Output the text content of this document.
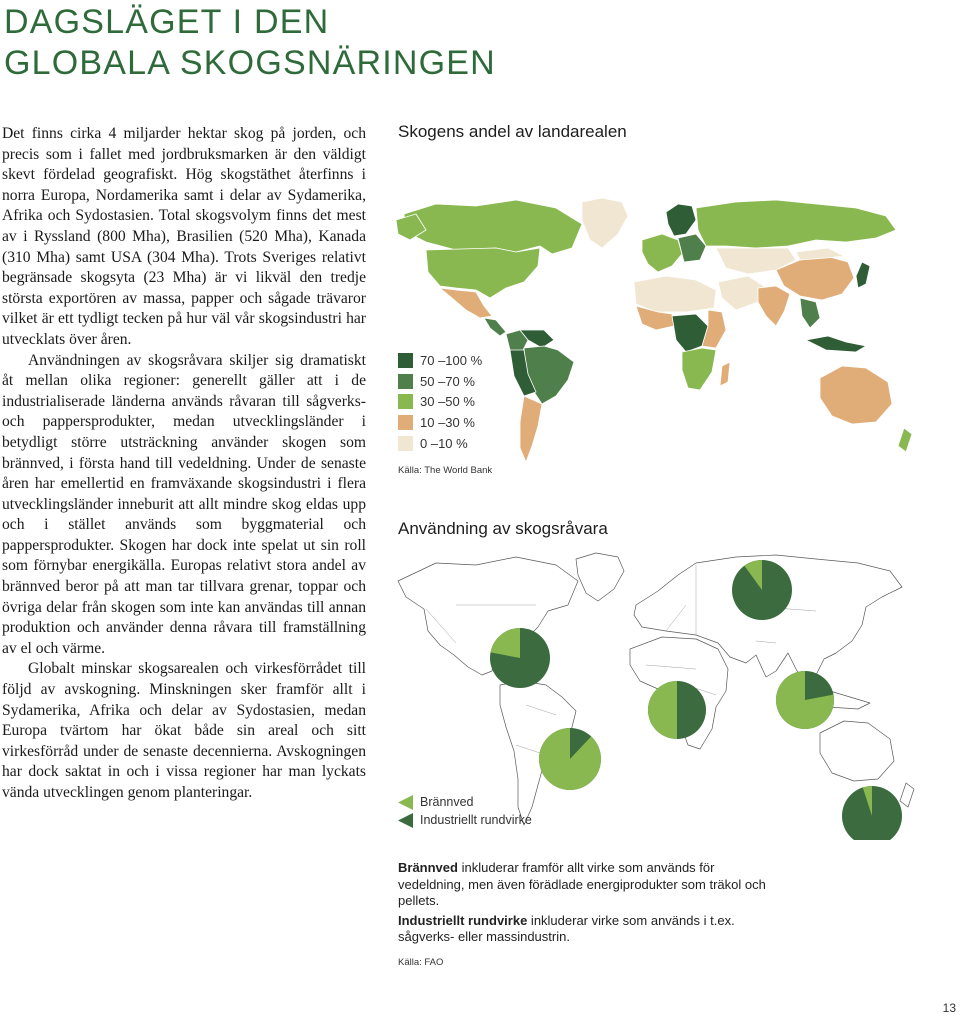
DAGSLÄGET I DEN
GLOBALA SKOGSNÄRINGEN

Det finns cirka 4 miljarder hektar skog på jorden, och precis som i fallet med jordbruksmarken är den väldigt skevt fördelad geografiskt. Hög skogstäthet återfinns i norra Europa, Nordamerika samt i delar av Sydamerika, Afrika och Sydostasien. Total skogsvolym finns det mest av i Ryssland (800 Mha), Brasilien (520 Mha), Kanada (310 Mha) samt USA (304 Mha). Trots Sveriges relativt begränsade skogsyta (23 Mha) är vi likväl den tredje största exportören av massa, papper och sågade trävaror vilket är ett tydligt tecken på hur väl vår skogsindustri har utvecklats över åren.

Användningen av skogsråvara skiljer sig dramatiskt åt mellan olika regioner: generellt gäller att i de industrialiserade länderna används råvaran till sågverks- och pappersprodukter, medan utvecklingsländer i betydligt större utsträckning använder skogen som brännved, i första hand till vedeldning. Under de senaste åren har emellertid en framväxande skogsindustri i flera utvecklingsländer inneburit att allt mindre skog eldas upp och i stället används som byggmaterial och pappersprodukter. Skogen har dock inte spelat ut sin roll som förnybar energikälla. Europas relativt stora andel av brännved beror på att man tar tillvara grenar, toppar och övriga delar från skogen som inte kan användas till annan produktion och använder denna råvara till framställning av el och värme.

Globalt minskar skogsarealen och virkesförrådet till följd av avskogning. Minskningen sker framför allt i Sydamerika, Afrika och delar av Sydostasien, medan Europa tvärtom har ökat både sin areal och sitt virkesförråd under de senaste decennierna. Avskogningen har dock saktat in och i vissa regioner har man lyckats vända utvecklingen genom planteringar.

Skogens andel av landarealen
70 –100 %
50 –70 %
30 –50 %
10 –30 %
0 –10 %
Källa: The World Bank
Användning av skogsråvara
Brännved
Industriellt rundvirke

Brännved inkluderar framför allt virke som används för vedeldning, men även förädlade energiprodukter som träkol och pellets.

Industriellt rundvirke inkluderar virke som används i t.ex. sågverks- eller massindustrin.

Källa: FAO
13
